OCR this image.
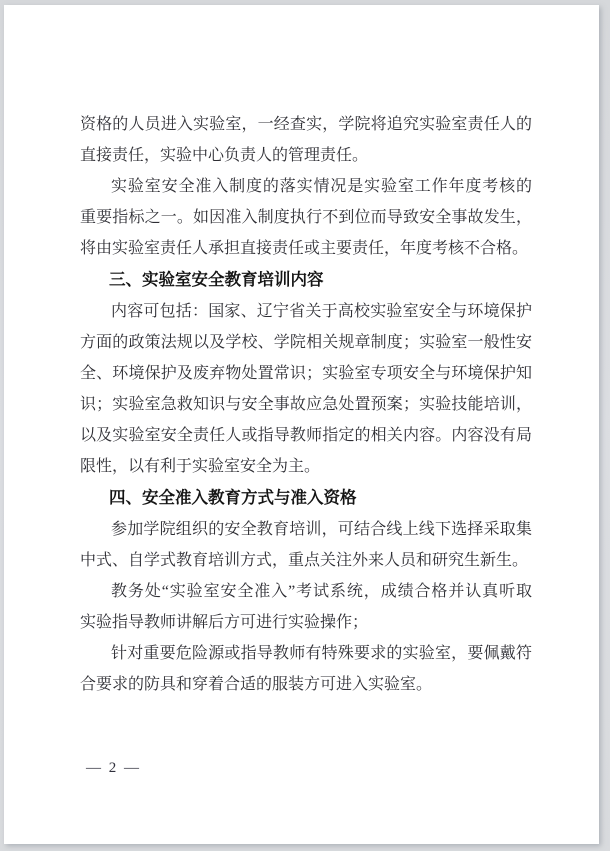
资格的人员进入实验室，一经查实，学院将追究实验室责任人的
直接责任，实验中心负责人的管理责任。
实验室安全准入制度的落实情况是实验室工作年度考核的
重要指标之一。如因准入制度执行不到位而导致安全事故发生，
将由实验室责任人承担直接责任或主要责任，年度考核不合格。
三、实验室安全教育培训内容
内容可包括：国家、辽宁省关于高校实验室安全与环境保护
方面的政策法规以及学校、学院相关规章制度；实验室一般性安
全、环境保护及废弃物处置常识；实验室专项安全与环境保护知
识；实验室急救知识与安全事故应急处置预案；实验技能培训，
以及实验室安全责任人或指导教师指定的相关内容。内容没有局
限性，以有利于实验室安全为主。
四、安全准入教育方式与准入资格
参加学院组织的安全教育培训，可结合线上线下选择采取集
中式、自学式教育培训方式，重点关注外来人员和研究生新生。
教务处“实验室安全准入”考试系统，成绩合格并认真听取
实验指导教师讲解后方可进行实验操作；
针对重要危险源或指导教师有特殊要求的实验室，要佩戴符
合要求的防具和穿着合适的服装方可进入实验室。
— 2 —
